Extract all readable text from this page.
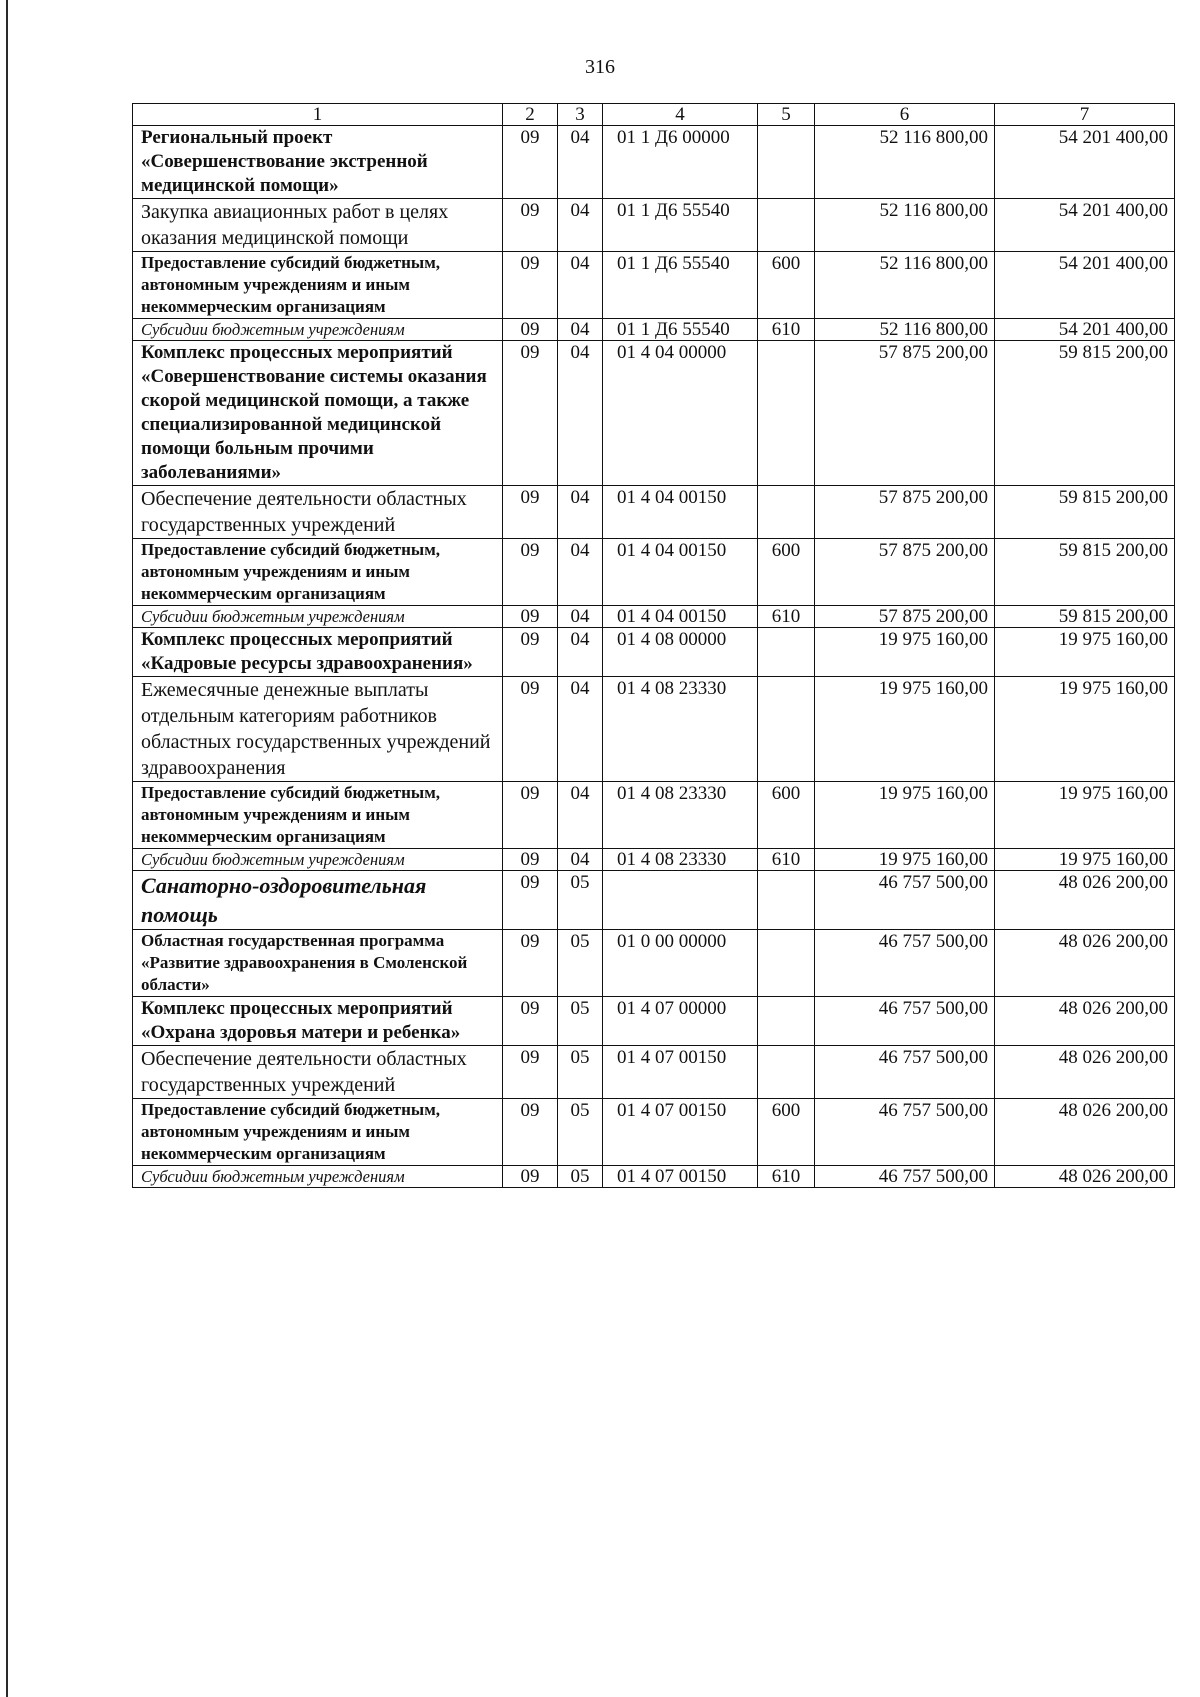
316
1	2	3	4	5	6	7
Региональный проект «Совершенствование экстренной медицинской помощи»	09	04	01 1 Д6 00000		52 116 800,00	54 201 400,00
Закупка авиационных работ в целях оказания медицинской помощи	09	04	01 1 Д6 55540		52 116 800,00	54 201 400,00
Предоставление субсидий бюджетным, автономным учреждениям и иным некоммерческим организациям	09	04	01 1 Д6 55540	600	52 116 800,00	54 201 400,00
Субсидии бюджетным учреждениям	09	04	01 1 Д6 55540	610	52 116 800,00	54 201 400,00
Комплекс процессных мероприятий «Совершенствование системы оказания скорой медицинской помощи, а также специализированной медицинской помощи больным прочими заболеваниями»	09	04	01 4 04 00000		57 875 200,00	59 815 200,00
Обеспечение деятельности областных государственных учреждений	09	04	01 4 04 00150		57 875 200,00	59 815 200,00
Предоставление субсидий бюджетным, автономным учреждениям и иным некоммерческим организациям	09	04	01 4 04 00150	600	57 875 200,00	59 815 200,00
Субсидии бюджетным учреждениям	09	04	01 4 04 00150	610	57 875 200,00	59 815 200,00
Комплекс процессных мероприятий «Кадровые ресурсы здравоохранения»	09	04	01 4 08 00000		19 975 160,00	19 975 160,00
Ежемесячные денежные выплаты отдельным категориям работников областных государственных учреждений здравоохранения	09	04	01 4 08 23330		19 975 160,00	19 975 160,00
Предоставление субсидий бюджетным, автономным учреждениям и иным некоммерческим организациям	09	04	01 4 08 23330	600	19 975 160,00	19 975 160,00
Субсидии бюджетным учреждениям	09	04	01 4 08 23330	610	19 975 160,00	19 975 160,00
Санаторно-оздоровительная помощь	09	05			46 757 500,00	48 026 200,00
Областная государственная программа «Развитие здравоохранения в Смоленской области»	09	05	01 0 00 00000		46 757 500,00	48 026 200,00
Комплекс процессных мероприятий «Охрана здоровья матери и ребенка»	09	05	01 4 07 00000		46 757 500,00	48 026 200,00
Обеспечение деятельности областных государственных учреждений	09	05	01 4 07 00150		46 757 500,00	48 026 200,00
Предоставление субсидий бюджетным, автономным учреждениям и иным некоммерческим организациям	09	05	01 4 07 00150	600	46 757 500,00	48 026 200,00
Субсидии бюджетным учреждениям	09	05	01 4 07 00150	610	46 757 500,00	48 026 200,00
